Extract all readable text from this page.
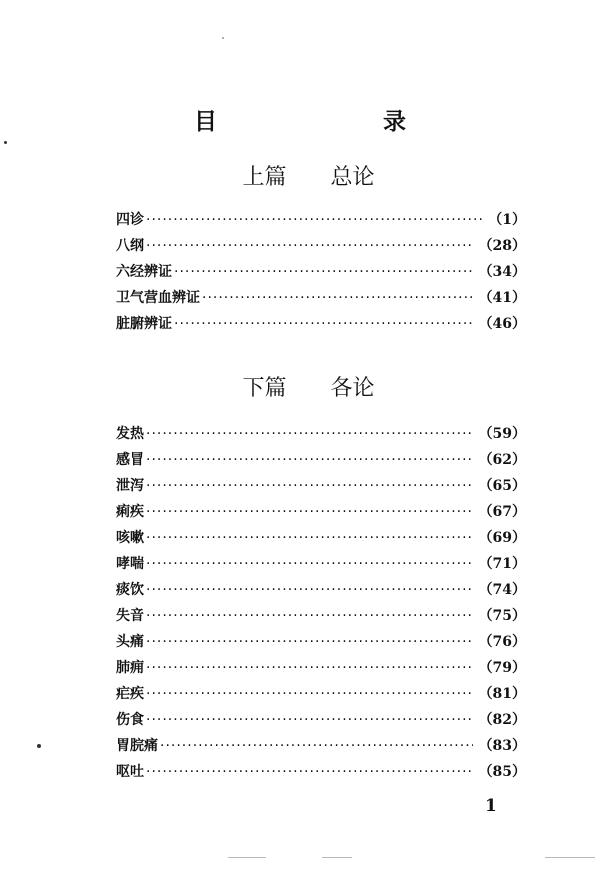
目　　录
上篇　　总论
四诊 ·····	（1）
八纲 ·····	（28）
六经辨证 ·····	（34）
卫气营血辨证 ·····	（41）
脏腑辨证 ·····	（46）
下篇　　各论
发热 ·····	（59）
感冒 ·····	（62）
泄泻 ·····	（65）
痢疾 ·····	（67）
咳嗽 ·····	（69）
哮喘 ·····	（71）
痰饮 ·····	（74）
失音 ·····	（75）
头痛 ·····	（76）
肺痈 ·····	（79）
疟疾 ·····	（81）
伤食 ·····	（82）
胃脘痛 ·····	（83）
呕吐 ·····	（85）
1
